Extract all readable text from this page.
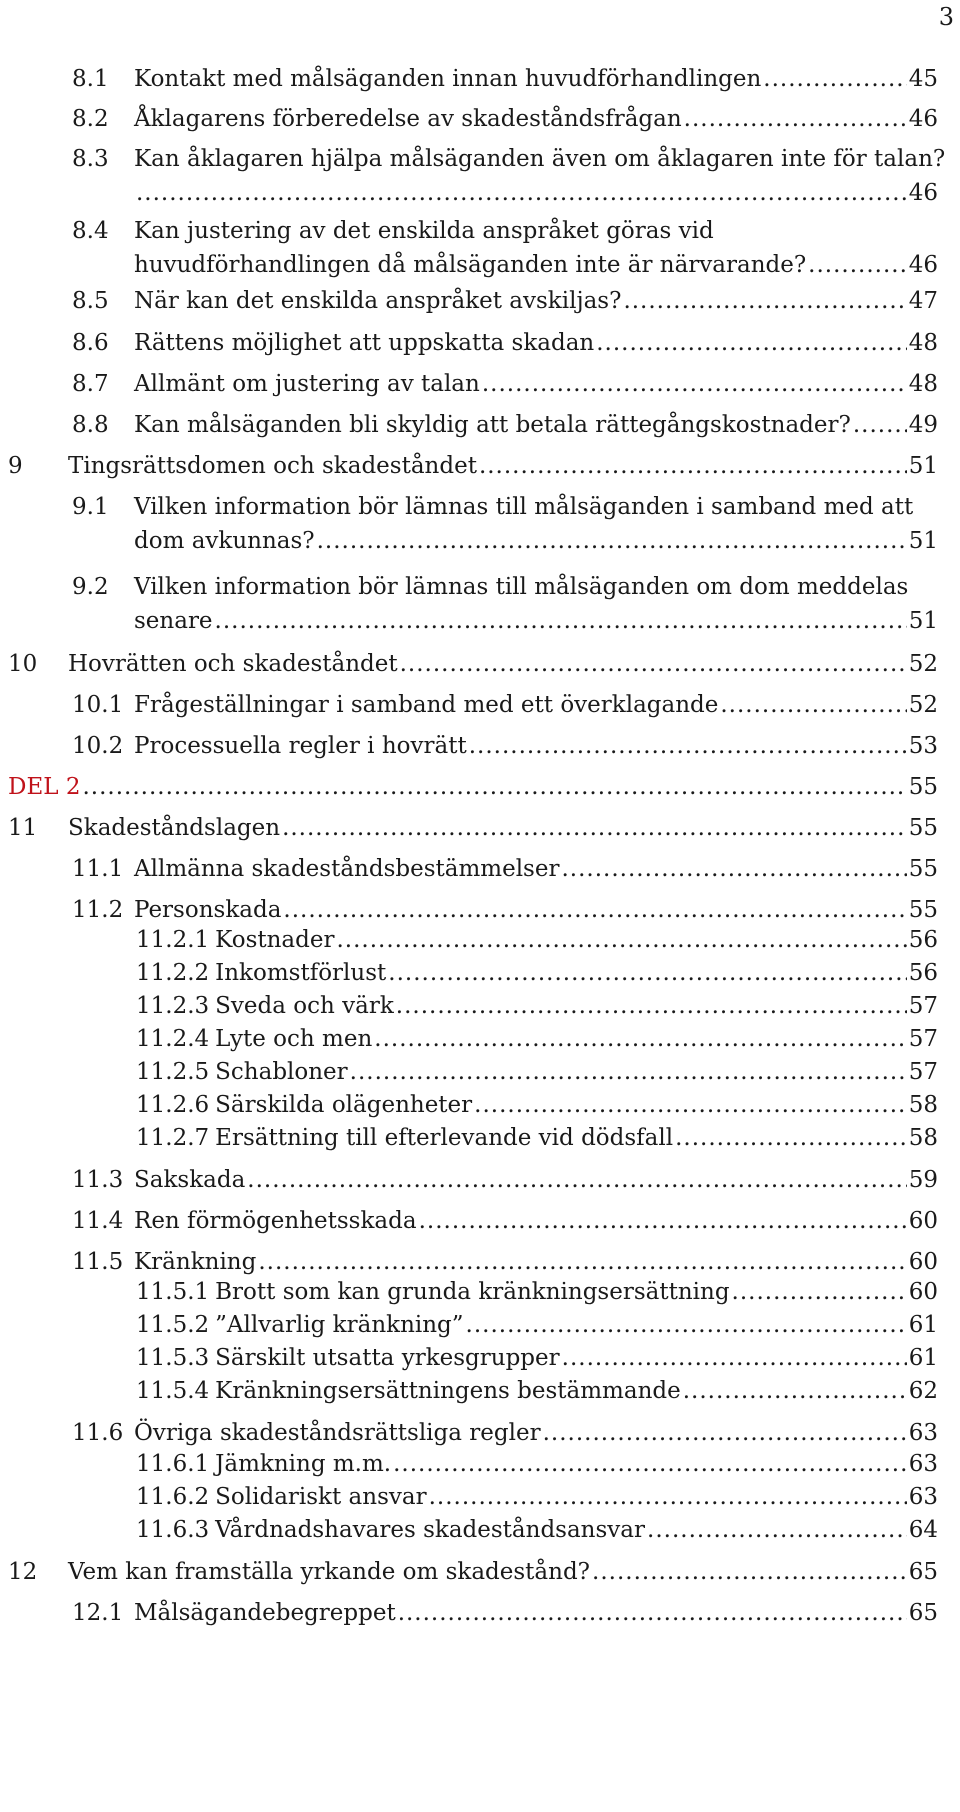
3
8.1	Kontakt med målsäganden innan huvudförhandlingen .....	45
8.2	Åklagarens förberedelse av skadeståndsfrågan .....	46
8.3	Kan åklagaren hjälpa målsäganden även om åklagaren inte för talan?
.....
46
8.4	Kan justering av det enskilda anspråket göras vid
huvudförhandlingen då målsäganden inte är närvarande? .....	46
8.5	När kan det enskilda anspråket avskiljas? .....	47
8.6	Rättens möjlighet att uppskatta skadan .....	48
8.7	Allmänt om justering av talan .....	48
8.8	Kan målsäganden bli skyldig att betala rättegångskostnader? .....	49
9	Tingsrättsdomen och skadeståndet .....	51
9.1	Vilken information bör lämnas till målsäganden i samband med att
dom avkunnas? .....	51
9.2	Vilken information bör lämnas till målsäganden om dom meddelas
senare .....	51
10	Hovrätten och skadeståndet .....	52
10.1 Frågeställningar i samband med ett överklagande .....	52
10.2 Processuella regler i hovrätt .....	53
DEL 2 .....	55
11	Skadeståndslagen .....	55
11.1 Allmänna skadeståndsbestämmelser .....	55
11.2 Personskada .....	55
11.2.1 Kostnader .....	56
11.2.2 Inkomstförlust .....	56
11.2.3 Sveda och värk .....	57
11.2.4 Lyte och men .....	57
11.2.5 Schabloner .....	57
11.2.6 Särskilda olägenheter .....	58
11.2.7 Ersättning till efterlevande vid dödsfall .....	58
11.3 Sakskada .....	59
11.4 Ren förmögenhetsskada .....	60
11.5 Kränkning .....	60
11.5.1 Brott som kan grunda kränkningsersättning .....	60
11.5.2 ”Allvarlig kränkning” .....	61
11.5.3 Särskilt utsatta yrkesgrupper .....	61
11.5.4 Kränkningsersättningens bestämmande .....	62
11.6 Övriga skadeståndsrättsliga regler .....	63
11.6.1 Jämkning m.m. .....	63
11.6.2 Solidariskt ansvar .....	63
11.6.3 Vårdnadshavares skadeståndsansvar .....	64
12	Vem kan framställa yrkande om skadestånd? .....	65
12.1 Målsägandebegreppet .....	65
